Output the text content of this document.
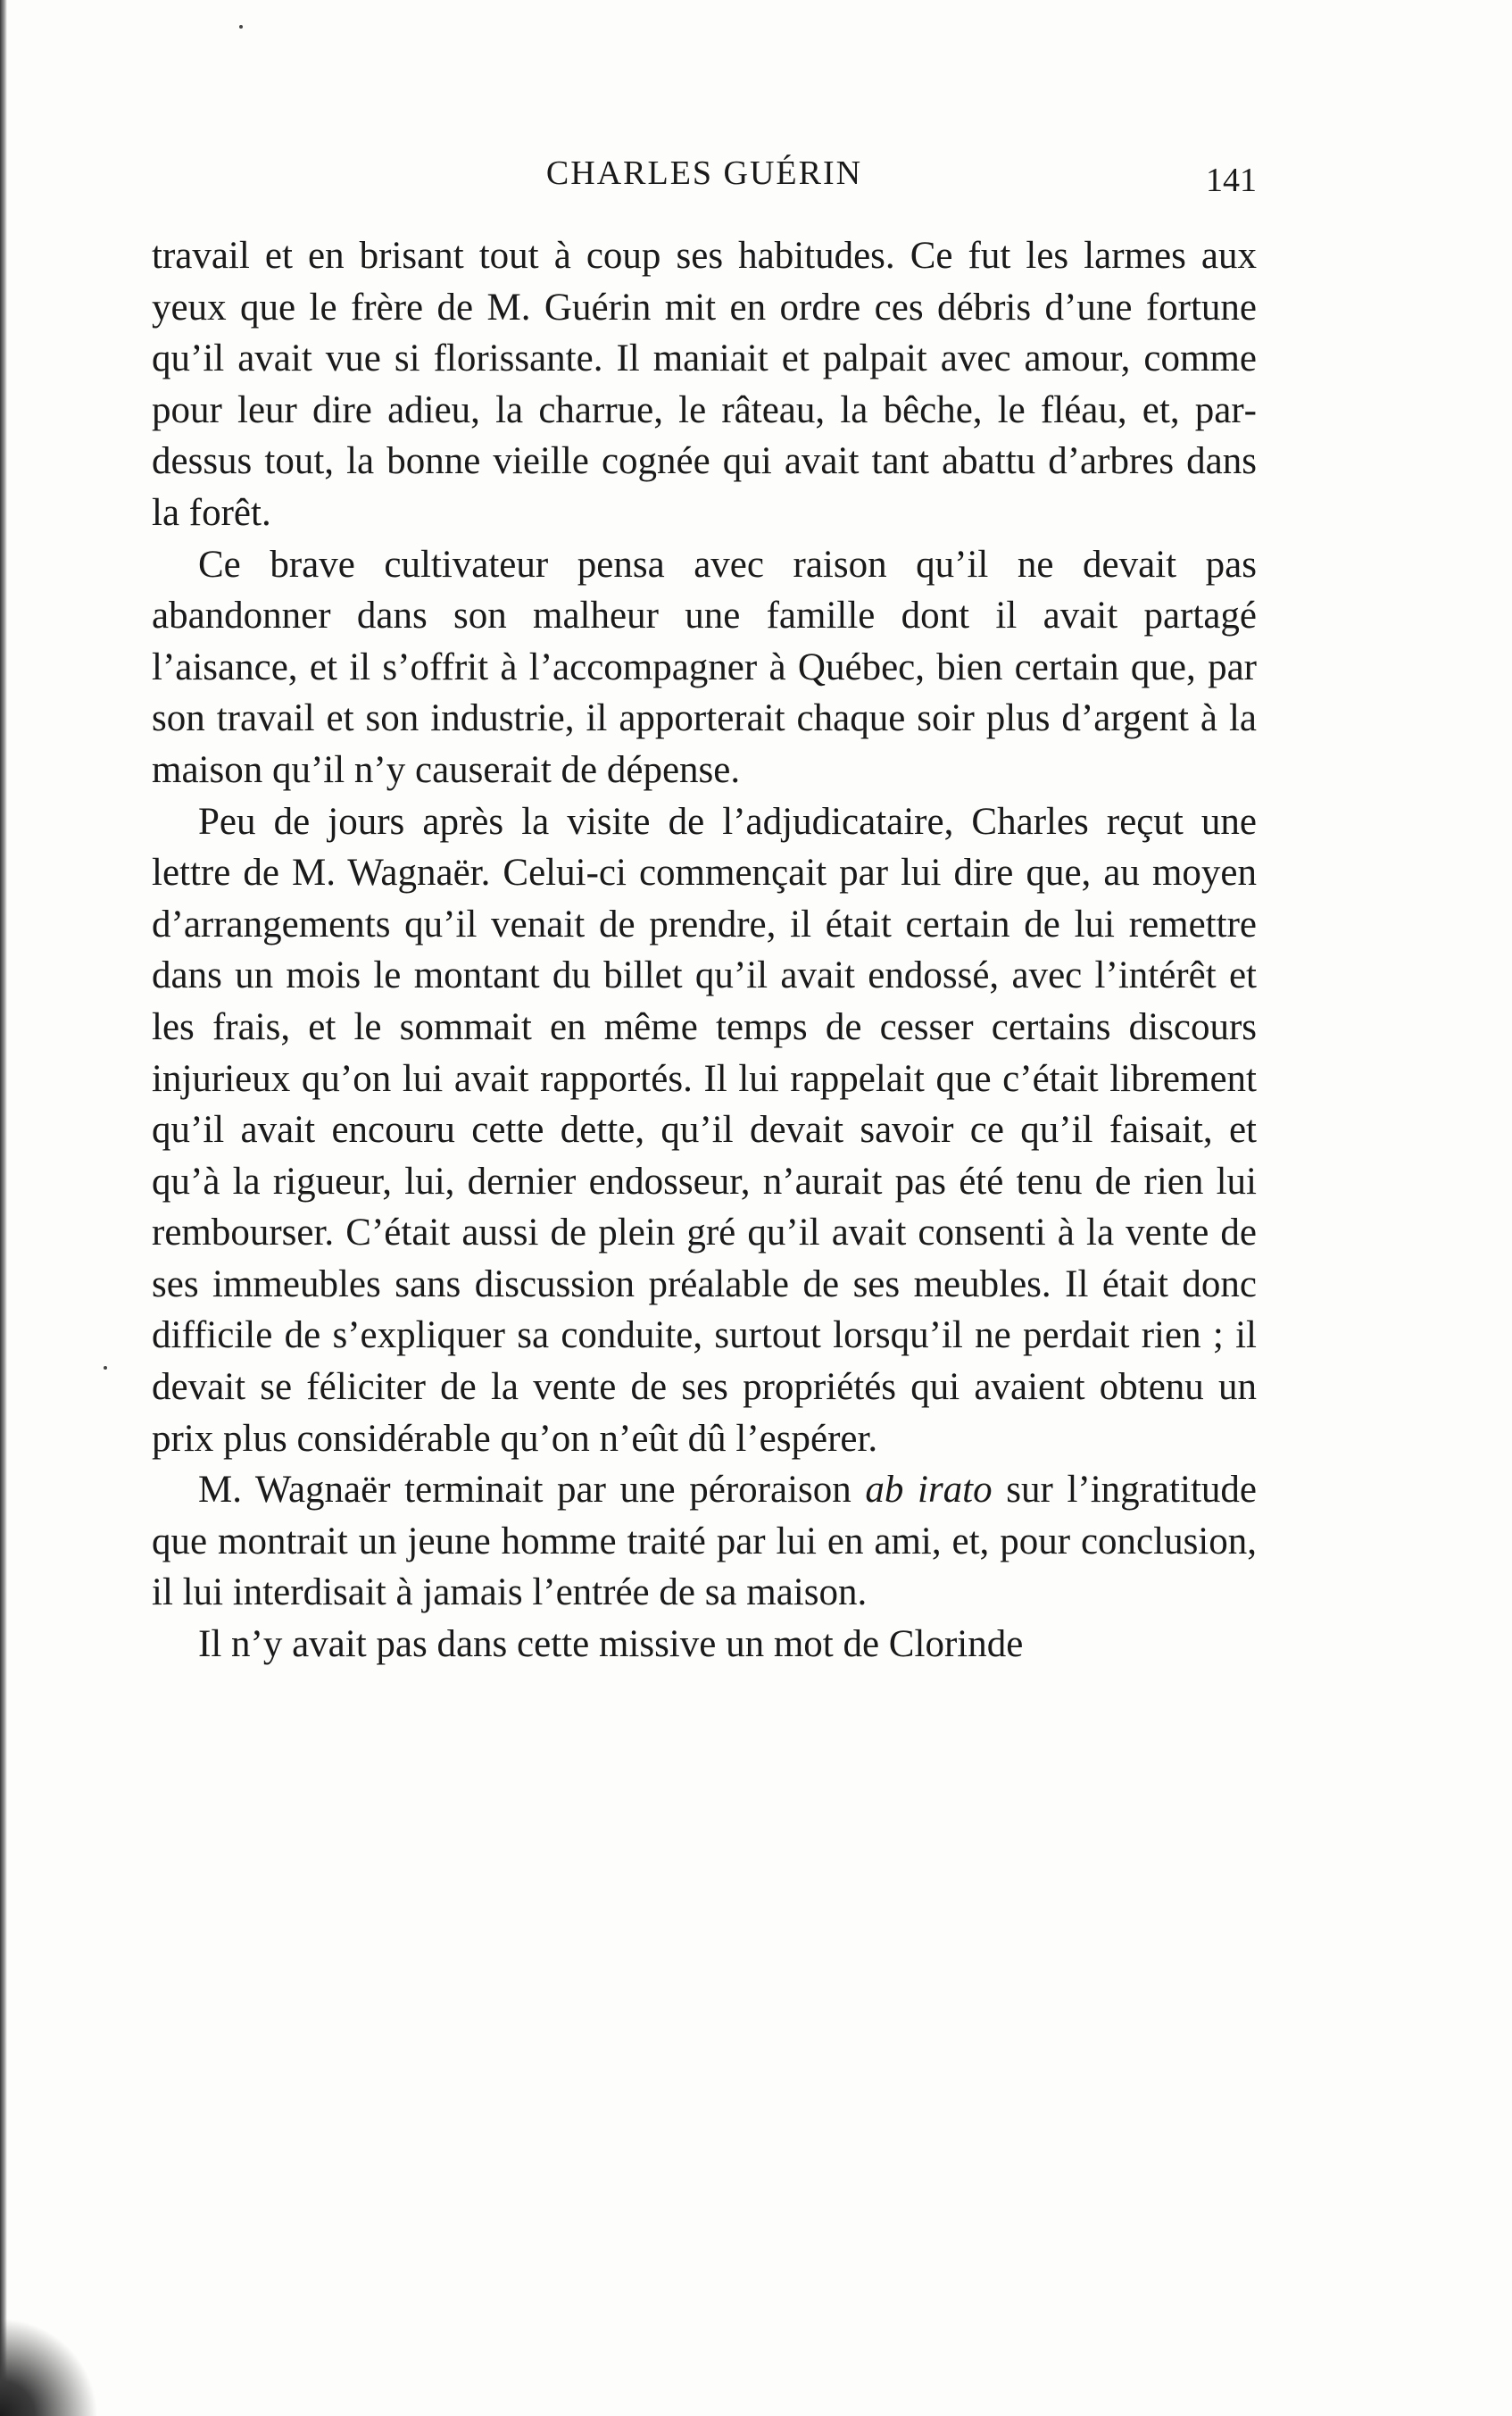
CHARLES GUÉRIN	141

travail et en brisant tout à coup ses habitudes. Ce fut les larmes aux yeux que le frère de M. Guérin mit en ordre ces débris d’une fortune qu’il avait vue si florissante. Il maniait et palpait avec amour, comme pour leur dire adieu, la charrue, le râteau, la bêche, le fléau, et, pardessus tout, la bonne vieille cognée qui avait tant abattu d’arbres dans la forêt.

Ce brave cultivateur pensa avec raison qu’il ne devait pas abandonner dans son malheur une famille dont il avait partagé l’aisance, et il s’offrit à l’accompagner à Québec, bien certain que, par son travail et son industrie, il apporterait chaque soir plus d’argent à la maison qu’il n’y causerait de dépense.

Peu de jours après la visite de l’adjudicataire, Charles reçut une lettre de M. Wagnaër. Celui-ci commençait par lui dire que, au moyen d’arrangements qu’il venait de prendre, il était certain de lui remettre dans un mois le montant du billet qu’il avait endossé, avec l’intérêt et les frais, et le sommait en même temps de cesser certains discours injurieux qu’on lui avait rapportés. Il lui rappelait que c’était librement qu’il avait encouru cette dette, qu’il devait savoir ce qu’il faisait, et qu’à la rigueur, lui, dernier endosseur, n’aurait pas été tenu de rien lui rembourser. C’était aussi de plein gré qu’il avait consenti à la vente de ses immeubles sans discussion préalable de ses meubles. Il était donc difficile de s’expliquer sa conduite, surtout lorsqu’il ne perdait rien ; il devait se féliciter de la vente de ses propriétés qui avaient obtenu un prix plus considérable qu’on n’eût dû l’espérer.

M. Wagnaër terminait par une péroraison ab irato sur l’ingratitude que montrait un jeune homme traité par lui en ami, et, pour conclusion, il lui interdisait à jamais l’entrée de sa maison.

Il n’y avait pas dans cette missive un mot de Clorinde
